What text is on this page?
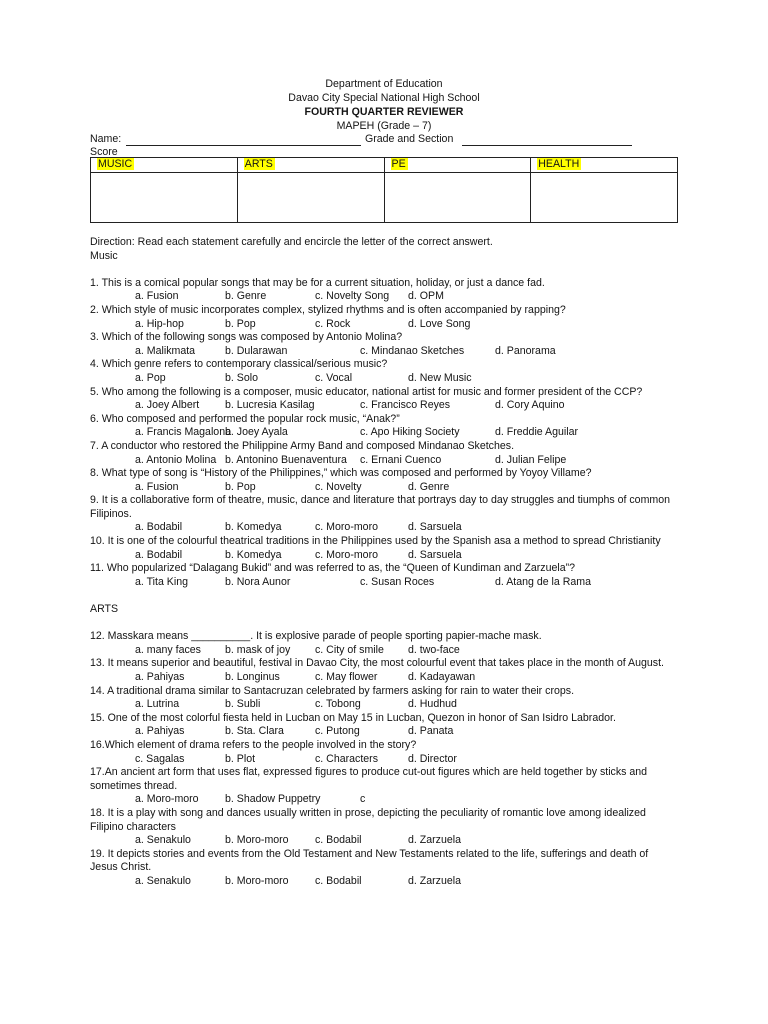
Department of Education
Davao City Special National High School
FOURTH QUARTER REVIEWER
MAPEH (Grade – 7)
Name:	Grade and Section
Score
MUSIC	ARTS	PE	HEALTH

Direction: Read each statement carefully and encircle the letter of the correct answert.
Music
1. This is a comical popular songs that may be for a current situation, holiday, or just a dance fad.
a. Fusion	b. Genre	c. Novelty Song d. OPM
2. Which style of music incorporates complex, stylized rhythms and is often accompanied by rapping?
a. Hip-hop	b. Pop	c. Rock	d. Love Song
3. Which of the following songs was composed by Antonio Molina?
a. Malikmata	b. Dularawan	c. Mindanao Sketches	d. Panorama
4. Which genre refers to contemporary classical/serious music?
a. Pop	b. Solo	c. Vocal	d. New Music
5. Who among the following is a composer, music educator, national artist for music and former president of the CCP?
a. Joey Albert b. Lucresia Kasilag	c. Francisco Reyes	d. Cory Aquino
6. Who composed and performed the popular rock music, “Anak?”
a. Francis Magalona
b. Joey Ayala	c. Apo Hiking Society	d. Freddie Aguilar
7. A conductor who restored the Philippine Army Band and composed Mindanao Sketches.
a. Antonio Molina b. Antonino Buenaventura c. Ernani Cuenco	d. Julian Felipe
8. What type of song is “History of the Philippines,” which was composed and performed by Yoyoy Villame?
a. Fusion	b. Pop	c. Novelty	d. Genre
9. It is a collaborative form of theatre, music, dance and literature that portrays day to day struggles and tiumphs of common Filipinos.
a. Bodabil	b. Komedya	c. Moro-moro	d. Sarsuela
10. It is one of the colourful theatrical traditions in the Philippines used by the Spanish asa a method to spread Christianity
a. Bodabil	b. Komedya	c. Moro-moro	d. Sarsuela
11. Who popularized “Dalagang Bukid” and was referred to as, the “Queen of Kundiman and Zarzuela”?
a. Tita King	b. Nora Aunor	c. Susan Roces	d. Atang de la Rama
ARTS
12. Masskara means __________. It is explosive parade of people sporting papier-mache mask.
a. many faces b. mask of joy c. City of smile d. two-face
13. It means superior and beautiful, festival in Davao City, the most colourful event that takes place in the month of August.
a. Pahiyas	b. Longinus	c. May flower	d. Kadayawan
14. A traditional drama similar to Santacruzan celebrated by farmers asking for rain to water their crops.
a. Lutrina	b. Subli	c. Tobong	d. Hudhud
15. One of the most colorful fiesta held in Lucban on May 15 in Lucban, Quezon in honor of San Isidro Labrador.
a. Pahiyas	b. Sta. Clara	c. Putong	d. Panata
16.Which element of drama refers to the people involved in the story?
c. Sagalas	b. Plot	c. Characters	d. Director
17.An ancient art form that uses flat, expressed figures to produce cut-out figures which are held together by sticks and sometimes thread.
a. Moro-moro b. Shadow Puppetry	c
18. It is a play with song and dances usually written in prose, depicting the peculiarity of romantic love among idealized Filipino characters
a. Senakulo	b. Moro-moro c. Bodabil	d. Zarzuela
19. It depicts stories and events from the Old Testament and New Testaments related to the life, sufferings and death of Jesus Christ.
a. Senakulo	b. Moro-moro c. Bodabil	d. Zarzuela
